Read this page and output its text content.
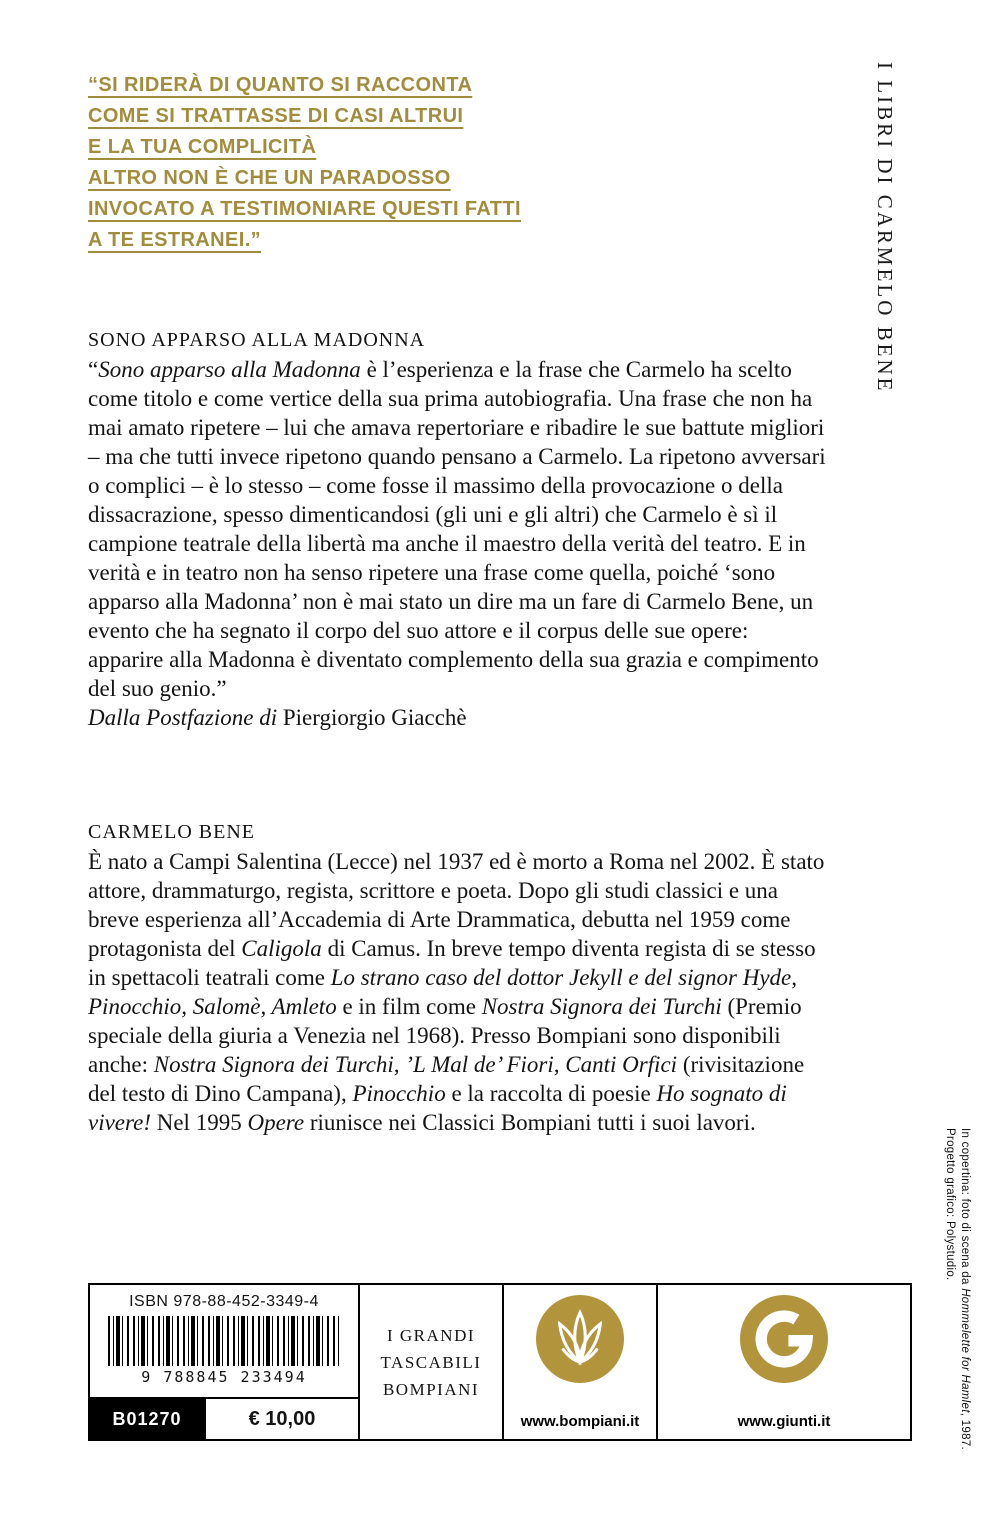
“SI RIDERÀ DI QUANTO SI RACCONTA
COME SI TRATTASSE DI CASI ALTRUI
E LA TUA COMPLICITÀ
ALTRO NON È CHE UN PARADOSSO
INVOCATO A TESTIMONIARE QUESTI FATTI
A TE ESTRANEI.”	I LIBRI DI CARMELO BENE
SONO APPARSO ALLA MADONNA

“Sono apparso alla Madonna è l’esperienza e la frase che Carmelo ha scelto come titolo e come vertice della sua prima autobiografia. Una frase che non ha mai amato ripetere – lui che amava repertoriare e ribadire le sue battute migliori – ma che tutti invece ripetono quando pensano a Carmelo. La ripetono avversari o complici – è lo stesso – come fosse il massimo della provocazione o della dissacrazione, spesso dimenticandosi (gli uni e gli altri) che Carmelo è sì il campione teatrale della libertà ma anche il maestro della verità del teatro. E in verità e in teatro non ha senso ripetere una frase come quella, poiché ‘sono apparso alla Madonna’ non è mai stato un dire ma un fare di Carmelo Bene, un evento che ha segnato il corpo del suo attore e il corpus delle sue opere: apparire alla Madonna è diventato complemento della sua grazia e compimento del suo genio.”

Dalla Postfazione di Piergiorgio Giacchè

CARMELO BENE

È nato a Campi Salentina (Lecce) nel 1937 ed è morto a Roma nel 2002. È stato attore, drammaturgo, regista, scrittore e poeta. Dopo gli studi classici e una breve esperienza all’Accademia di Arte Drammatica, debutta nel 1959 come protagonista del Caligola di Camus. In breve tempo diventa regista di se stesso in spettacoli teatrali come Lo strano caso del dottor Jekyll e del signor Hyde, Pinocchio, Salomè, Amleto e in film come Nostra Signora dei Turchi (Premio speciale della giuria a Venezia nel 1968). Presso Bompiani sono disponibili anche: Nostra Signora dei Turchi, ’L Mal de’ Fiori, Canti Orfici (rivisitazione del testo di Dino Campana), Pinocchio e la raccolta di poesie Ho sognato di vivere! Nel 1995 Opere riunisce nei Classici Bompiani tutti i suoi lavori.

ISBN 978-88-452-3349-4
9 788845 233494
B01270	€ 10,00
I GRANDI
TASCABILI
BOMPIANI
www.bompiani.it	www.giunti.it
In copertina: foto di scena da Hommelette for Hamlet, 1987. Progetto grafico: Polystudio.
